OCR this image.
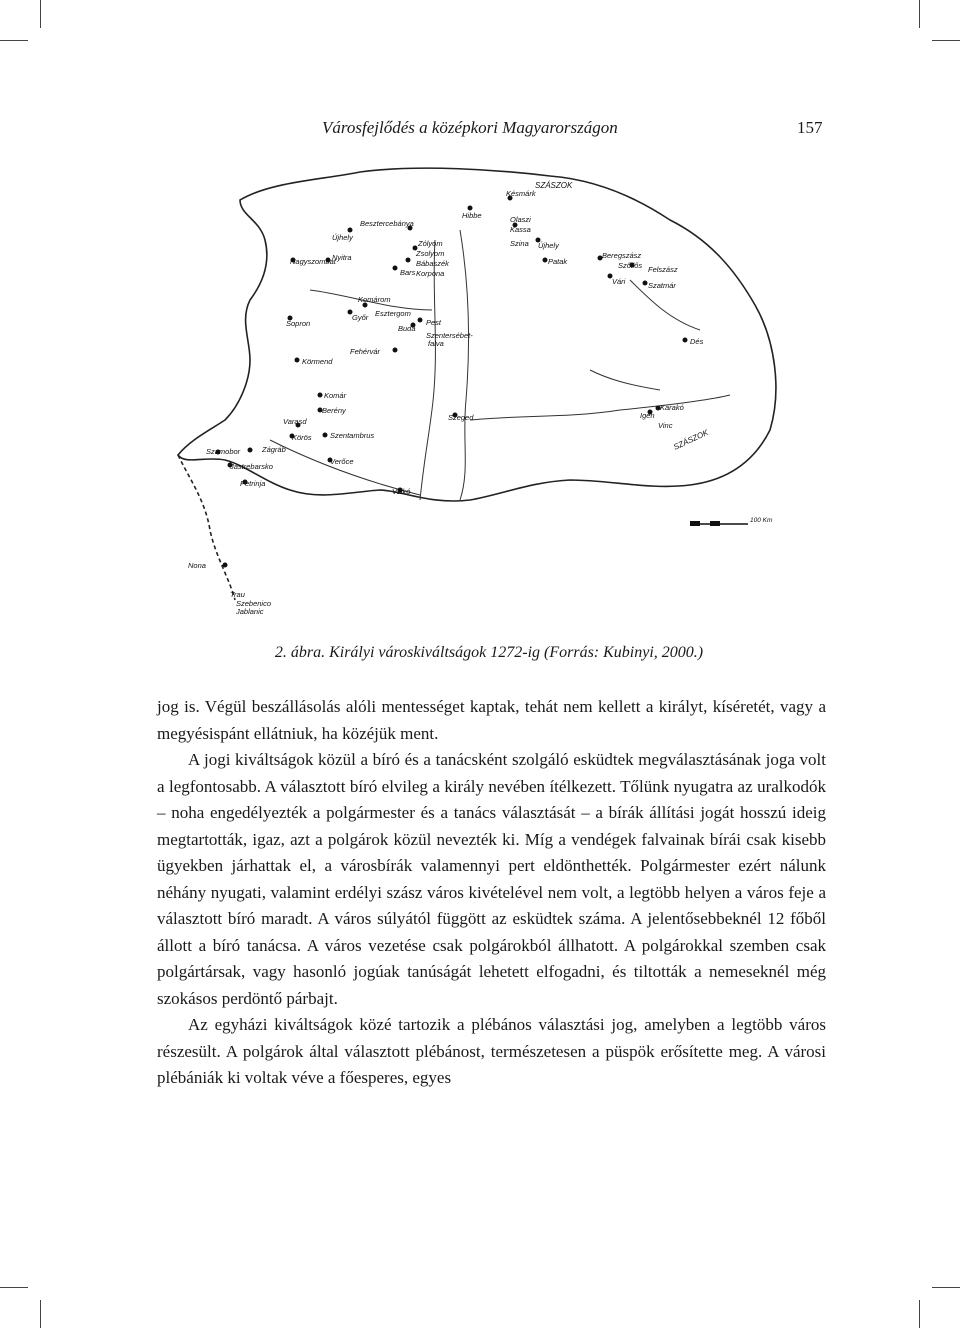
Városfejlődés a középkori Magyarországon	157
Újhely
Nagyszombat
Nyitra
Besztercebánya
Zólyom
Zsolyom
Bábaszék
Korpona
Bars
Hibbe
Késmárk
Olaszi
Kassa
Szina Újhely
Patak
Beregszász
Szőllős Felszász
Vári	Szatmár
Komárom
Győr Esztergom
Sopron
Buda
Pest
Szentersébet-
falva
Fehérvár
Körmend
Dés
Komár
Berény
Varasd	Szeged	Igen
Karakó
Vinc
Szamobor	Zágráb
Körös Szentambrus
Jastrebarsko
Petrinja
Verőce
Valkó
Nona
Trau
Szebenico
Jablanic
SZÁSZOK
SZÁSZOK
100 Km
2. ábra. Királyi városkiváltságok 1272-ig (Forrás: Kubinyi, 2000.)

jog is. Végül beszállásolás alóli mentességet kaptak, tehát nem kellett a királyt, kíséretét, vagy a megyésispánt ellátniuk, ha közéjük ment.

A jogi kiváltságok közül a bíró és a tanácsként szolgáló esküdtek megválasztásának joga volt a legfontosabb. A választott bíró elvileg a király nevében ítélkezett. Tőlünk nyugatra az uralkodók – noha engedélyezték a polgármester és a tanács választását – a bírák állítási jogát hosszú ideig megtartották, igaz, azt a polgárok közül nevezték ki. Míg a vendégek falvainak bírái csak kisebb ügyekben járhattak el, a városbírák valamennyi pert eldönthették. Polgármester ezért nálunk néhány nyugati, valamint erdélyi szász város kivételével nem volt, a legtöbb helyen a város feje a választott bíró maradt. A város súlyától függött az esküdtek száma. A jelentősebbeknél 12 főből állott a bíró tanácsa. A város vezetése csak polgárokból állhatott. A polgárokkal szemben csak polgártársak, vagy hasonló jogúak tanúságát lehetett elfogadni, és tiltották a nemeseknél még szokásos perdöntő párbajt.

Az egyházi kiváltságok közé tartozik a plébános választási jog, amelyben a legtöbb város részesült. A polgárok által választott plébánost, természetesen a püspök erősítette meg. A városi plébániák ki voltak véve a főesperes, egyes
